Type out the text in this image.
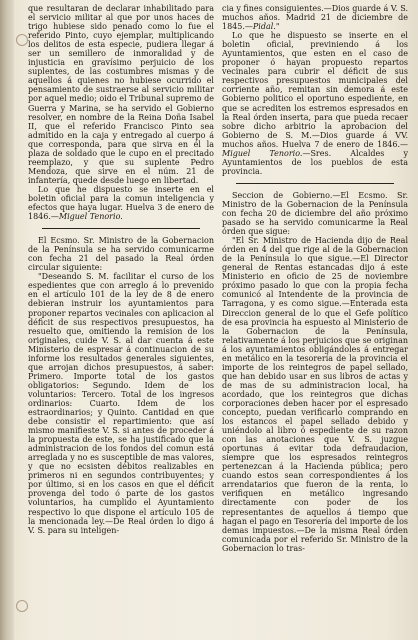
que resultaran de declarar inhabilitado para el servicio militar al que por unos haces de trigo hubiese sido penado como lo fue el referido Pinto, cuyo ejemplar, multiplicando los delitos de esta especie, pudiera llegar á ser un semillero de inmoralidad y de injusticia en gravísimo perjuicio de los suplentes, de las costumbres mismas y de aquellos á quienes no hubiese ocurrido el pensamiento de sustraerse al servicio militar por aquel medio; oido el Tribunal supremo de Guerra y Marina, se ha servido el Gobierno resolver, en nombre de la Reina Doña Isabel II, que el referido Francisco Pinto sea admitido en la caja y entregado al cuerpo á que corresponda, para que sirva en él la plaza de soldado que le cupo en el precitado reemplazo, y que su suplente Pedro Mendoza, que sirve en el núm. 21 de infantería, quede desde luego en libertad.

Lo que he dispuesto se inserte en el boletin oficial para la comun inteligencia y efectos que haya lugar. Huelva 3 de enero de 1846.—Miguel Tenorio.

El Ecsmo. Sr. Ministro de la Gobernacion de la Península se ha servido comunicarme con fecha 21 del pasado la Real órden circular siguiente:

"Deseando S. M. facilitar el curso de los espedientes que con arreglo á lo prevenido en el artículo 101 de la ley de 8 de enero debieran instruir los ayuntamientos para proponer repartos vecinales con aplicacion al déficit de sus respectivos presupuestos, ha resuelto que, omitiendo la remision de los originales, cuide V. S. al dar cuenta á este Ministerio de espresar á continuacion de su informe los resultados generales siguientes, que arrojan dichos presupuestos, á saber: Primero. Importe total de los gastos obligatorios: Segundo. Idem de los voluntarios: Tercero. Total de los ingresos ordinarios: Cuarto. Idem de los estraordinarios; y Quinto. Cantidad en que debe consistir el repartimiento: que así mismo manifieste V. S. si antes de proceder á la propuesta de este, se ha justificado que la administracion de los fondos del comun está arreglada y no es susceptible de mas valores, y que no ecsisten débitos realizables en primeros ni en segundos contribuyentes; y por último, si en los casos en que el déficit provenga del todo ó parte de los gastos voluntarios, ha cumplido el Ayuntamiento respectivo lo que dispone el artículo 105 de la mencionada ley.—De Real órden lo digo á V. S. para su inteligen-

cia y fines consiguientes.—Dios guarde á V. S. muchos años. Madrid 21 de diciembre de 1845.—Pidal."

Lo que he dispuesto se inserte en el boletin oficial, previniendo á los Ayuntamientos, que esten en el caso de proponer ó hayan propuesto repartos vecinales para cubrir el déficit de sus respectivos presupuestos municipales del corriente año, remitan sin demora á este Gobierno politico el oportuno espediente, en que se acrediten los estremos espresados en la Real órden inserta, para que pueda recaer sobre dicho arbitrio la aprobacion del Gobierno de S. M.—Dios guarde á VV. muchos años. Huelva 7 de enero de 1846.—Miguel Tenorio.—Sres. Alcaldes y Ayuntamientos de los pueblos de esta provincia.

Seccion de Gobierno.—El Ecsmo. Sr. Ministro de la Gobernacion de la Península con fecha 20 de diciembre del año próximo pasado se ha servido comunicarme la Real órden que sigue:

"El Sr. Ministro de Hacienda dijo de Real órden en 4 del que rige al de la Gobernacion de la Península lo que sigue.—El Director general de Rentas estancadas dijo á este Ministerio en oficio de 25 de noviembre próximo pasado lo que con la propia fecha comunicó al Intendente de la provincia de Tarragona, y es como sigue.—Enterada esta Direccion general de lo que el Gefe político de esa provincia ha espuesto al Ministerio de la Gobernacion de la Península, relativamente á los perjuicios que se originan á los ayuntamientos obligándoles á entregar en metálico en la tesorería de la provincia el importe de los reintegros de papel sellado, que han debido usar en sus libros de actas y de mas de su administracion local, ha acordado, que los reintegros que dichas corporaciones deben hacer por el espresado concepto, puedan verificarlo comprando en los estancos el papel sellado debido y uniéndolo al libro ó espediente de su razon con las anotaciones que V. S. juzgue oportunas á evitar toda defraudacion, siempre que los espresados reintegros pertenezcan á la Hacienda pública; pero cuando estos sean correspondientes á los arrendatarios que fueron de la renta, lo verifiquen en metálico ingresando directamente con poder de los representantes de aquellos á tiempo que hagan el pago en Tesorería del importe de los demas impuestos.—De la misma Real órden comunicada por el referido Sr. Ministro de la Gobernacion lo tras-
